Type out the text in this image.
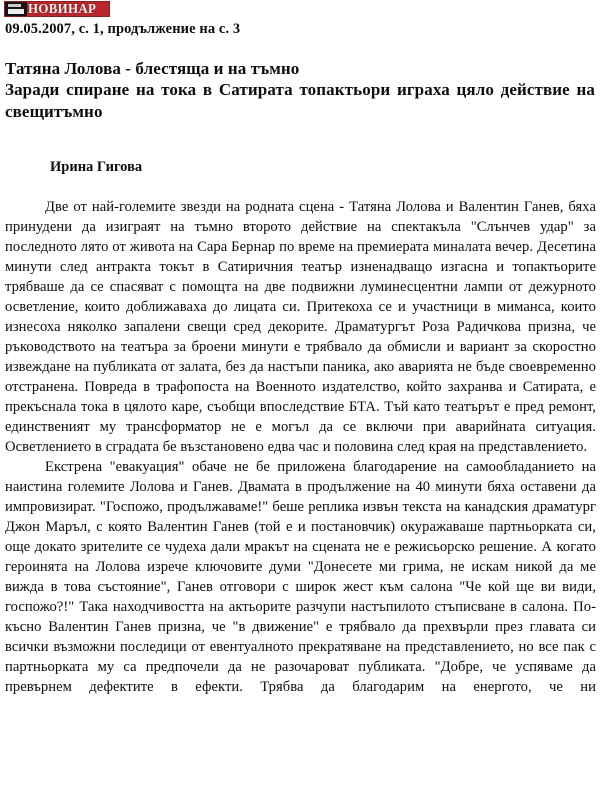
НОВИНАР
09.05.2007, с. 1, продължение на с. 3
Татяна Лолова - блестяща и на тъмно
Заради спиране на тока в Сатирата топактьори играха цяло действие на свещитъмно
Ирина Гигова

Две от най-големите звезди на родната сцена - Татяна Лолова и Валентин Ганев, бяха принудени да изиграят на тъмно второто действие на спектакъла "Слънчев удар" за последното лято от живота на Сара Бернар по време на премиерата миналата вечер. Десетина минути след антракта токът в Сатиричния театър изненадващо изгасна и топактьорите трябваше да се спасяват с помощта на две подвижни луминесцентни лампи от дежурното осветление, които доближаваха до лицата си. Притекоха се и участници в миманса, които изнесоха няколко запалени свещи сред декорите. Драматургът Роза Радичкова призна, че ръководството на театъра за броени минути е трябвало да обмисли и вариант за скоростно извеждане на публиката от залата, без да настъпи паника, ако аварията не бъде своевременно отстранена. Повреда в трафопоста на Военното издателство, който захранва и Сатирата, е прекъснала тока в цялото каре, съобщи впоследствие БТА. Тъй като театърът е пред ремонт, единственият му трансформатор не е могъл да се включи при аварийната ситуация. Осветлението в сградата бе възстановено едва час и половина след края на представлението.

Екстрена "евакуация" обаче не бе приложена благодарение на самообладанието на наистина големите Лолова и Ганев. Двамата в продължение на 40 минути бяха оставени да импровизират. "Госпожо, продължаваме!" беше реплика извън текста на канадския драматург Джон Маръл, с която Валентин Ганев (той е и постановчик) окуражаваше партньорката си, още докато зрителите се чудеха дали мракът на сцената не е режисьорско решение. А когато героинята на Лолова изрече ключовите думи "Донесете ми грима, не искам никой да ме вижда в това състояние", Ганев отговори с широк жест към салона "Че кой ще ви види, госпожо?!" Така находчивостта на актьорите разчупи настъпилото стъписване в салона. По-късно Валентин Ганев призна, че "в движение" е трябвало да прехвърли през главата си всички възможни последици от евентуалното прекратяване на представлението, но все пак с партньорката му са предпочели да не разочароват публиката. "Добре, че успяваме да превърнем дефектите в ефекти. Трябва да благодарим на енергото, че ни
